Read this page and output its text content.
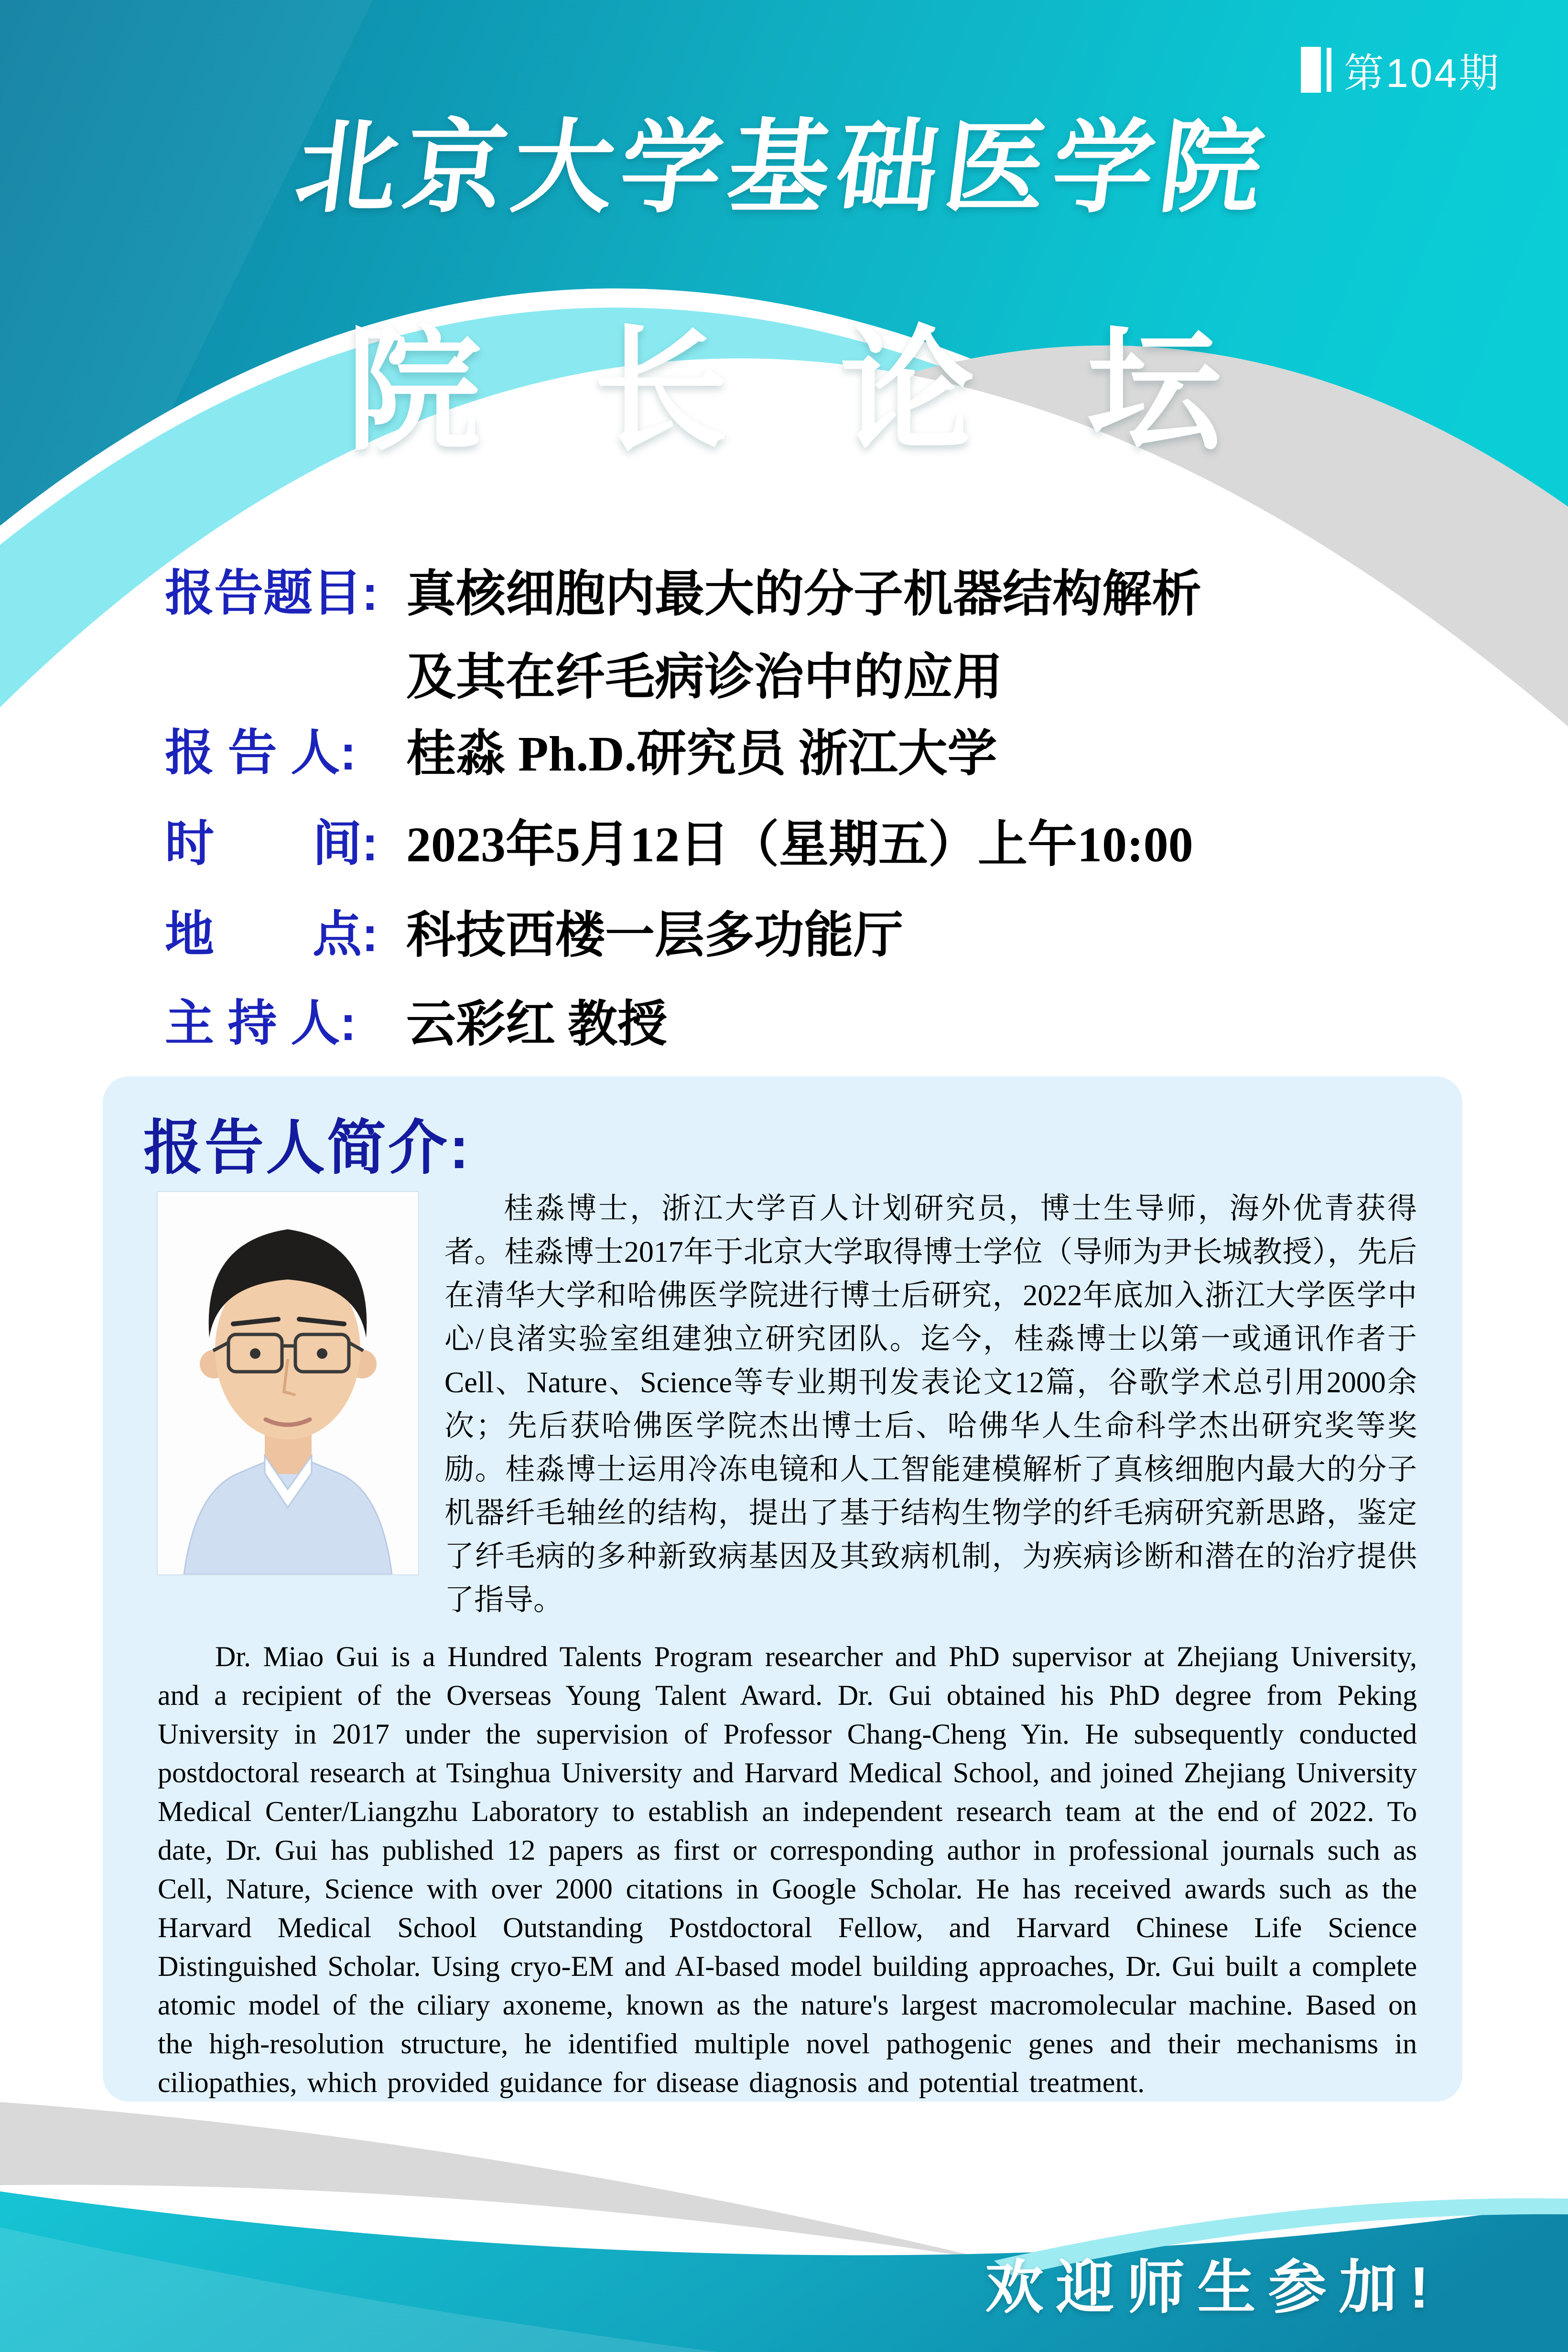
第104期
北京大学基础医学院
院 长 论 坛
报告题目: 真核细胞内最大的分子机器结构解析
及其在纤毛病诊治中的应用
报 告 人: 桂淼 Ph.D.研究员 浙江大学
时　　间: 2023年5月12日（星期五）上午10:00
地　　点: 科技西楼一层多功能厅
主 持 人: 云彩红 教授
报告人简介:

桂淼博士，浙江大学百人计划研究员，博士生导师，海外优青获得者。桂淼博士2017年于北京大学取得博士学位（导师为尹长城教授），先后在清华大学和哈佛医学院进行博士后研究，2022年底加入浙江大学医学中心/良渚实验室组建独立研究团队。迄今，桂淼博士以第一或通讯作者于Cell、Nature、Science等专业期刊发表论文12篇，谷歌学术总引用2000余次；先后获哈佛医学院杰出博士后、哈佛华人生命科学杰出研究奖等奖励。桂淼博士运用冷冻电镜和人工智能建模解析了真核细胞内最大的分子机器纤毛轴丝的结构，提出了基于结构生物学的纤毛病研究新思路，鉴定了纤毛病的多种新致病基因及其致病机制，为疾病诊断和潜在的治疗提供了指导。

Dr. Miao Gui is a Hundred Talents Program researcher and PhD supervisor at Zhejiang University, and a recipient of the Overseas Young Talent Award. Dr. Gui obtained his PhD degree from Peking University in 2017 under the supervision of Professor Chang-Cheng Yin. He subsequently conducted postdoctoral research at Tsinghua University and Harvard Medical School, and joined Zhejiang University Medical Center/Liangzhu Laboratory to establish an independent research team at the end of 2022. To date, Dr. Gui has published 12 papers as first or corresponding author in professional journals such as Cell, Nature, Science with over 2000 citations in Google Scholar. He has received awards such as the Harvard Medical School Outstanding Postdoctoral Fellow, and Harvard Chinese Life Science Distinguished Scholar. Using cryo-EM and AI-based model building approaches, Dr. Gui built a complete atomic model of the ciliary axoneme, known as the nature's largest macromolecular machine. Based on the high-resolution structure, he identified multiple novel pathogenic genes and their mechanisms in ciliopathies, which provided guidance for disease diagnosis and potential treatment.

欢迎师生参加!
